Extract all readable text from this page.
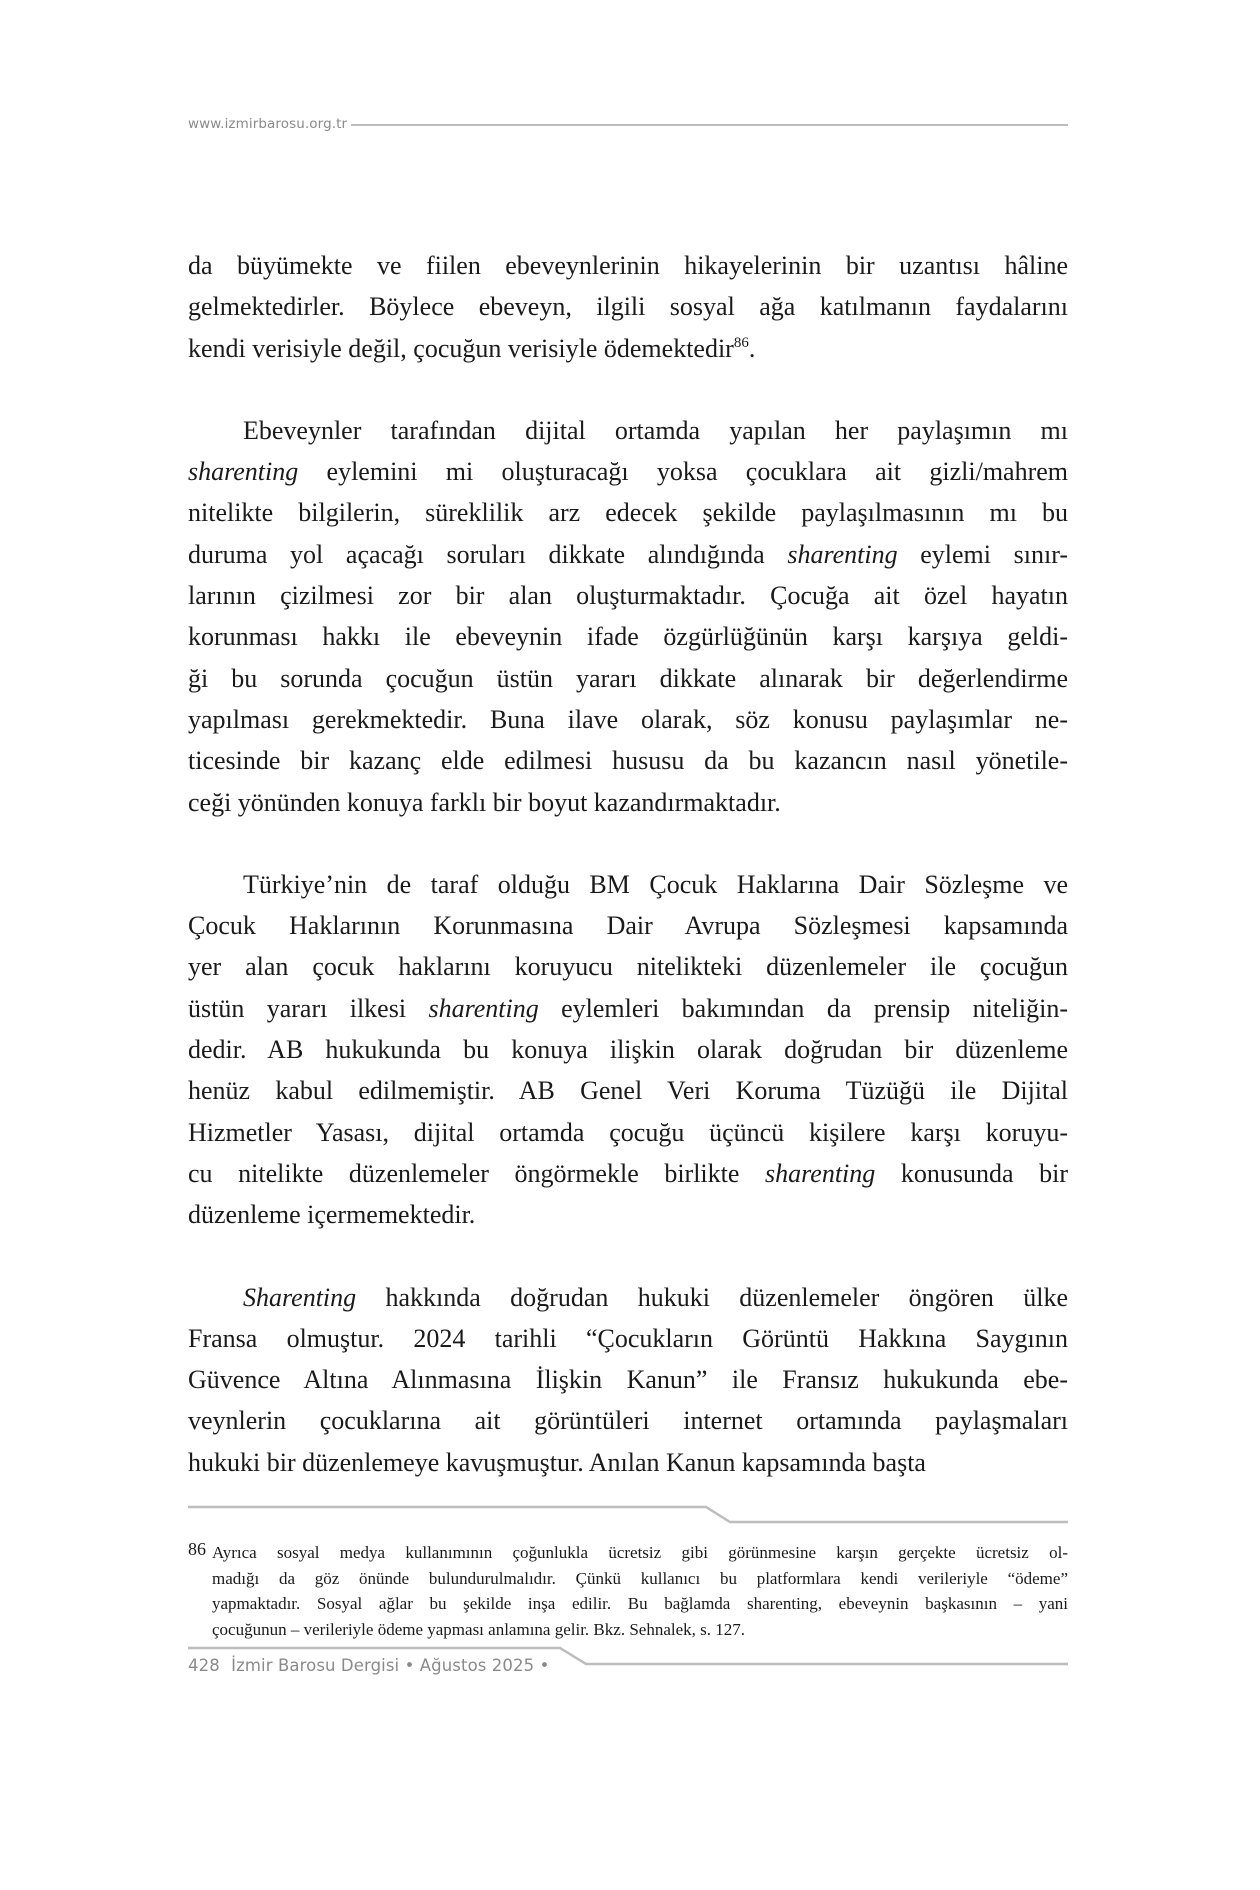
www.izmirbarosu.org.tr

da büyümekte ve fiilen ebeveynlerinin hikayelerinin bir uzantısı hâline
gelmektedirler. Böylece ebeveyn, ilgili sosyal ağa katılmanın faydalarını
kendi verisiyle değil, çocuğun verisiyle ödemektedir$^{86}$.

Ebeveynler tarafından dijital ortamda yapılan her paylaşımın mı
sharenting eylemini mi oluşturacağı yoksa çocuklara ait gizli/mahrem
nitelikte bilgilerin, süreklilik arz edecek şekilde paylaşılmasının mı bu
duruma yol açacağı soruları dikkate alındığında sharenting eylemi sınır-
larının çizilmesi zor bir alan oluşturmaktadır. Çocuğa ait özel hayatın
korunması hakkı ile ebeveynin ifade özgürlüğünün karşı karşıya geldi-
ği bu sorunda çocuğun üstün yararı dikkate alınarak bir değerlendirme
yapılması gerekmektedir. Buna ilave olarak, söz konusu paylaşımlar ne-
ticesinde bir kazanç elde edilmesi hususu da bu kazancın nasıl yönetile-
ceği yönünden konuya farklı bir boyut kazandırmaktadır.

Türkiye’nin de taraf olduğu BM Çocuk Haklarına Dair Sözleşme ve
Çocuk Haklarının Korunmasına Dair Avrupa Sözleşmesi kapsamında
yer alan çocuk haklarını koruyucu nitelikteki düzenlemeler ile çocuğun
üstün yararı ilkesi sharenting eylemleri bakımından da prensip niteliğin-
dedir. AB hukukunda bu konuya ilişkin olarak doğrudan bir düzenleme
henüz kabul edilmemiştir. AB Genel Veri Koruma Tüzüğü ile Dijital
Hizmetler Yasası, dijital ortamda çocuğu üçüncü kişilere karşı koruyu-
cu nitelikte düzenlemeler öngörmekle birlikte sharenting konusunda bir
düzenleme içermemektedir.

Sharenting hakkında doğrudan hukuki düzenlemeler öngören ülke
Fransa olmuştur. 2024 tarihli “Çocukların Görüntü Hakkına Saygının
Güvence Altına Alınmasına İlişkin Kanun” ile Fransız hukukunda ebe-
veynlerin çocuklarına ait görüntüleri internet ortamında paylaşmaları
hukuki bir düzenlemeye kavuşmuştur. Anılan Kanun kapsamında başta

86 Ayrıca sosyal medya kullanımının çoğunlukla ücretsiz gibi görünmesine karşın gerçekte ücretsiz ol-
madığı da göz önünde bulundurulmalıdır. Çünkü kullanıcı bu platformlara kendi verileriyle “ödeme”
yapmaktadır. Sosyal ağlar bu şekilde inşa edilir. Bu bağlamda sharenting, ebeveynin başkasının – yani
çocuğunun – verileriyle ödeme yapması anlamına gelir. Bkz. Sehnalek, s. 127.
428 İzmir Barosu Dergisi • Ağustos 2025 •
